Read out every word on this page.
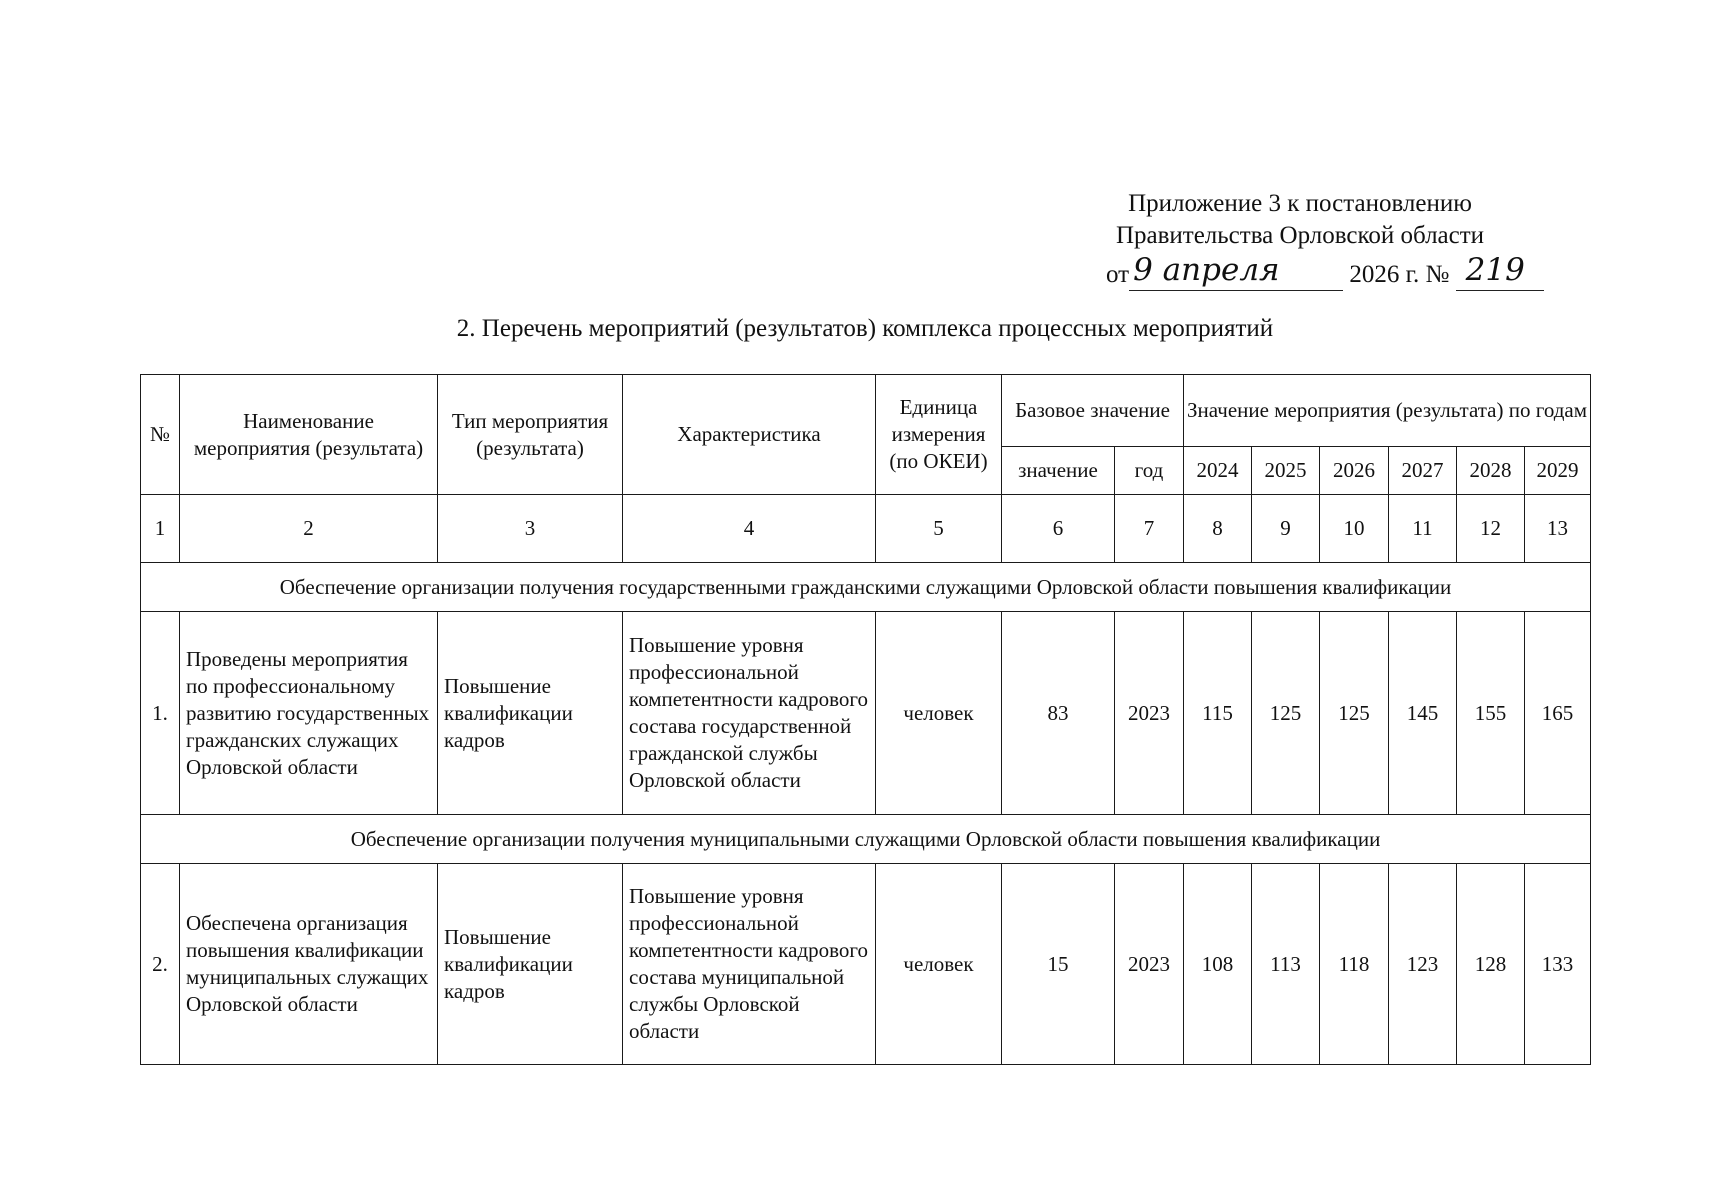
Приложение 3 к постановлению
Правительства Орловской области
от 9 апреля	2026 г. № 219
2. Перечень мероприятий (результатов) комплекса процессных мероприятий
№	Наименование мероприятия (результата)	Тип мероприятия (результата)	Характеристика	Единица измерения (по ОКЕИ)	Базовое значение		Значение мероприятия (результата) по годам					
					значение	год	2024	2025	2026	2027	2028	2029
1	2	3	4	5	6	7	8	9	10	11	12	13
Обеспечение организации получения государственными гражданскими служащими Орловской области повышения квалификации												
1.	Проведены мероприятия по профессиональному развитию государственных гражданских служащих Орловской области	Повышение квалификации кадров	Повышение уровня профессиональной компетентности кадрового состава государственной гражданской службы Орловской области	человек	83	2023	115	125	125	145	155	165
Обеспечение организации получения муниципальными служащими Орловской области повышения квалификации												
2.	Обеспечена организация повышения квалификации муниципальных служащих Орловской области	Повышение квалификации кадров	Повышение уровня профессиональной компетентности кадрового состава муниципальной службы Орловской области	человек	15	2023	108	113	118	123	128	133
